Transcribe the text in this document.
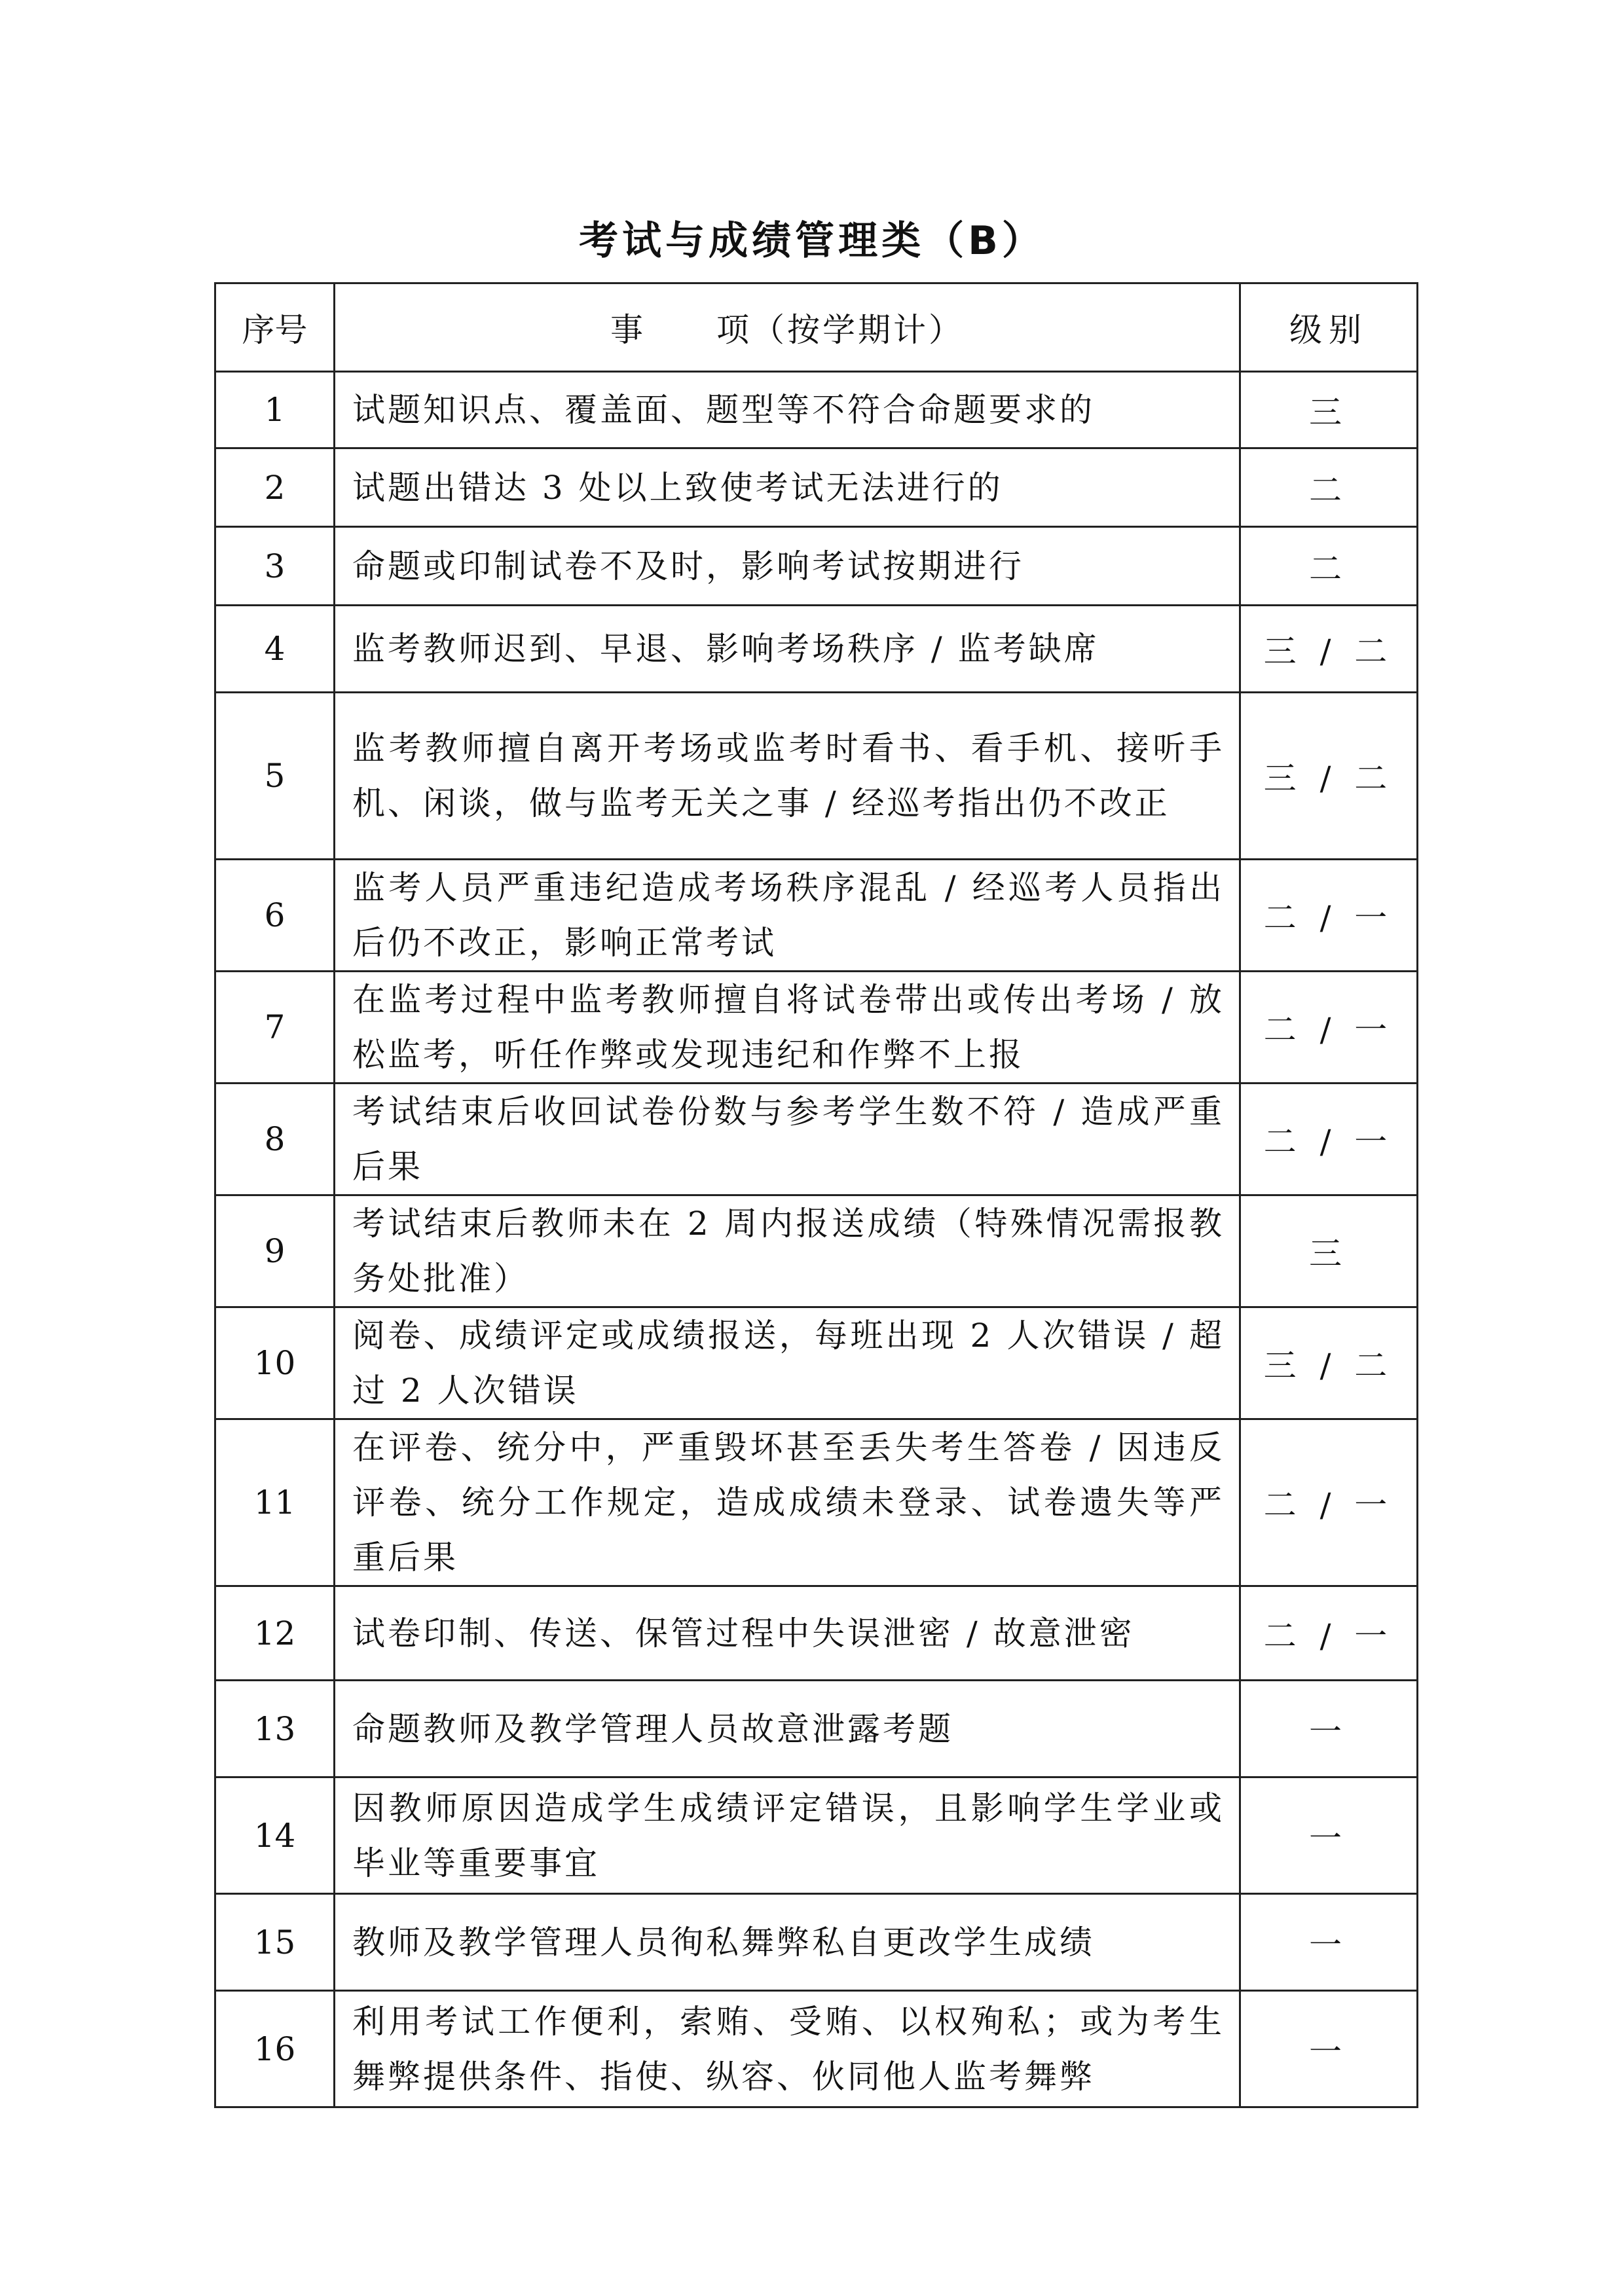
考试与成绩管理类（B）
序号	事　　项（按学期计）	级别
1	试题知识点、覆盖面、题型等不符合命题要求的	三
2	试题出错达 3 处以上致使考试无法进行的	二
3	命题或印制试卷不及时，影响考试按期进行	二
4	监考教师迟到、早退、影响考场秩序 / 监考缺席	三 / 二
5	监考教师擅自离开考场或监考时看书、看手机、接听手机、闲谈，做与监考无关之事 / 经巡考指出仍不改正	三 / 二
6	监考人员严重违纪造成考场秩序混乱 / 经巡考人员指出后仍不改正，影响正常考试	二 / 一
7	在监考过程中监考教师擅自将试卷带出或传出考场 / 放松监考，听任作弊或发现违纪和作弊不上报	二 / 一
8	考试结束后收回试卷份数与参考学生数不符 / 造成严重后果	二 / 一
9	考试结束后教师未在 2 周内报送成绩（特殊情况需报教务处批准）	三
10	阅卷、成绩评定或成绩报送，每班出现 2 人次错误 / 超过 2 人次错误	三 / 二
11	在评卷、统分中，严重毁坏甚至丢失考生答卷 / 因违反评卷、统分工作规定，造成成绩未登录、试卷遗失等严重后果	二 / 一
12	试卷印制、传送、保管过程中失误泄密 / 故意泄密	二 / 一
13	命题教师及教学管理人员故意泄露考题	一
14	因教师原因造成学生成绩评定错误，且影响学生学业或毕业等重要事宜	一
15	教师及教学管理人员徇私舞弊私自更改学生成绩	一
16	利用考试工作便利，索贿、受贿、以权殉私；或为考生舞弊提供条件、指使、纵容、伙同他人监考舞弊	一
